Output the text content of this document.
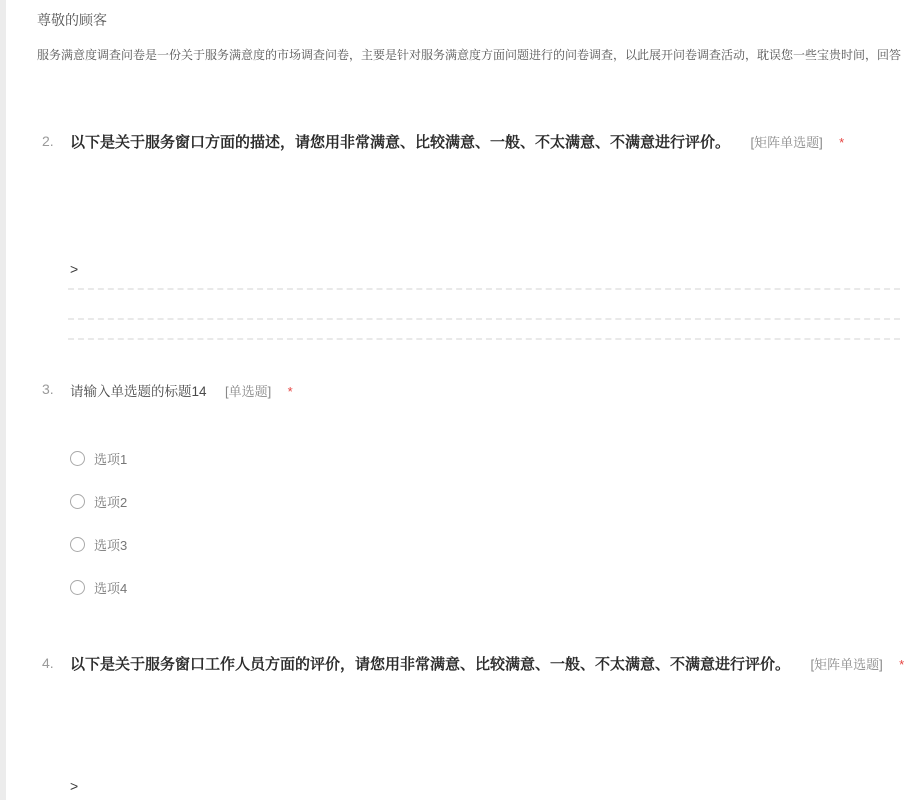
尊敬的顾客

服务满意度调查问卷是一份关于服务满意度的市场调查问卷，主要是针对服务满意度方面问题进行的问卷调查，以此展开问卷调查活动，耽误您一些宝贵时间，回答

2. 以下是关于服务窗口方面的描述，请您用非常满意、比较满意、一般、不太满意、不满意进行评价。 [矩阵单选题] *
>
3. 请输入单选题的标题14 [单选题] *
选项1
选项2
选项3
选项4
4. 以下是关于服务窗口工作人员方面的评价，请您用非常满意、比较满意、一般、不太满意、不满意进行评价。 [矩阵单选题] *
>
